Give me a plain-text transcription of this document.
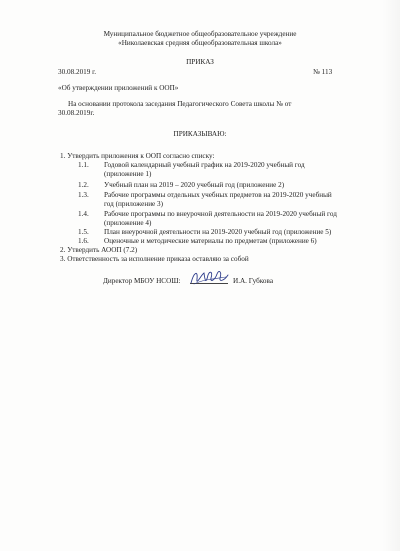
Муниципальное бюджетное общеобразовательное учреждение
«Николаевская средняя общеобразовательная школа»
ПРИКАЗ
30.08.2019 г.	№ 113
«Об утверждении приложений к ООП»
На основании протокола заседания Педагогического Совета школы № от
30.08.2019г.
ПРИКАЗЫВАЮ:
1. Утвердить приложения к ООП согласно списку:
1.1. Годовой календарный учебный график на 2019-2020 учебный год
(приложение 1)
1.2. Учебный план на 2019 – 2020 учебный год (приложение 2)
1.3. Рабочие программы отдельных учебных предметов на 2019-2020 учебный
год (приложение 3)
1.4. Рабочие программы по внеурочной деятельности на 2019-2020 учебный год
(приложение 4)
1.5. План внеурочной деятельности на 2019-2020 учебный год (приложение 5)
1.6. Оценочные и методические материалы по предметам (приложение 6)
2. Утвердить АООП (7.2)
3. Ответственность за исполнение приказа оставляю за собой
Директор МБОУ НСОШ:	И.А. Губкова
